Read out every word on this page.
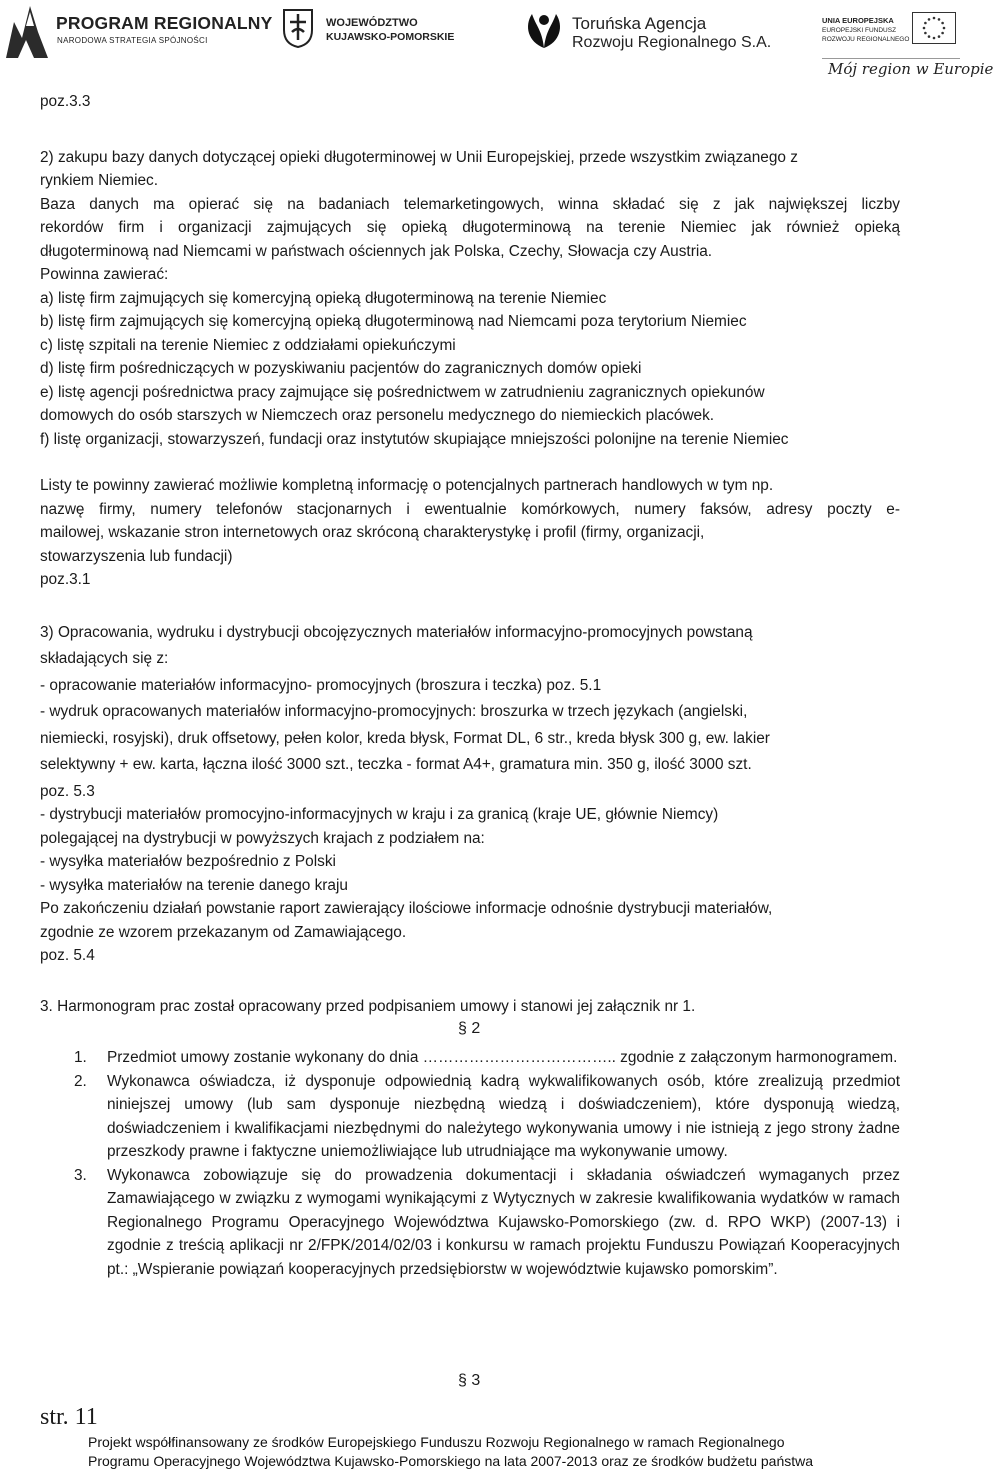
PROGRAM REGIONALNY
NARODOWA STRATEGIA SPÓJNOŚCI
WOJEWÓDZTWO
KUJAWSKO-POMORSKIE
Toruńska Agencja
Rozwoju Regionalnego S.A.
UNIA EUROPEJSKA
EUROPEJSKI FUNDUSZ
ROZWOJU REGIONALNEGO
Mój region w Europie
poz.3.3
2) zakupu bazy danych dotyczącej opieki długoterminowej w Unii Europejskiej, przede wszystkim związanego z
rynkiem Niemiec.
Baza danych ma opierać się na badaniach telemarketingowych, winna składać się z jak największej liczby
rekordów firm i organizacji zajmujących się opieką długoterminową na terenie Niemiec jak również opieką
długoterminową nad Niemcami w państwach ościennych jak Polska, Czechy, Słowacja czy Austria.
Powinna zawierać:
a) listę firm zajmujących się komercyjną opieką długoterminową na terenie Niemiec
b) listę firm zajmujących się komercyjną opieką długoterminową nad Niemcami poza terytorium Niemiec
c) listę szpitali na terenie Niemiec z oddziałami opiekuńczymi
d) listę firm pośredniczących w pozyskiwaniu pacjentów do zagranicznych domów opieki
e) listę agencji pośrednictwa pracy zajmujące się pośrednictwem w zatrudnieniu zagranicznych opiekunów
domowych do osób starszych w Niemczech oraz personelu medycznego do niemieckich placówek.
f) listę organizacji, stowarzyszeń, fundacji oraz instytutów skupiające mniejszości polonijne na terenie Niemiec
Listy te powinny zawierać możliwie kompletną informację o potencjalnych partnerach handlowych w tym np.
nazwę firmy, numery telefonów stacjonarnych i ewentualnie komórkowych, numery faksów, adresy poczty e-
mailowej, wskazanie stron internetowych oraz skróconą charakterystykę i profil (firmy, organizacji,
stowarzyszenia lub fundacji)
poz.3.1
3) Opracowania, wydruku i dystrybucji obcojęzycznych materiałów informacyjno-promocyjnych powstaną
składających się z:
- opracowanie materiałów informacyjno- promocyjnych (broszura i teczka) poz. 5.1
- wydruk opracowanych materiałów informacyjno-promocyjnych: broszurka w trzech językach (angielski,
niemiecki, rosyjski), druk offsetowy, pełen kolor, kreda błysk, Format DL, 6 str., kreda błysk 300 g, ew. lakier
selektywny + ew. karta, łączna ilość 3000 szt., teczka - format A4+, gramatura min. 350 g, ilość 3000 szt.
poz. 5.3
- dystrybucji materiałów promocyjno-informacyjnych w kraju i za granicą (kraje UE, głównie Niemcy)
polegającej na dystrybucji w powyższych krajach z podziałem na:
- wysyłka materiałów bezpośrednio z Polski
- wysyłka materiałów na terenie danego kraju
Po zakończeniu działań powstanie raport zawierający ilościowe informacje odnośnie dystrybucji materiałów,
zgodnie ze wzorem przekazanym od Zamawiającego.
poz. 5.4
3. Harmonogram prac został opracowany przed podpisaniem umowy i stanowi jej załącznik nr 1.
§ 2
1. Przedmiot umowy zostanie wykonany do dnia ……………………………….. zgodnie z załączonym harmonogramem.

2. Wykonawca oświadcza, iż dysponuje odpowiednią kadrą wykwalifikowanych osób, które zrealizują przedmiot niniejszej umowy (lub sam dysponuje niezbędną wiedzą i doświadczeniem), które dysponują wiedzą, doświadczeniem i kwalifikacjami niezbędnymi do należytego wykonywania umowy i nie istnieją z jego strony żadne przeszkody prawne i faktyczne uniemożliwiające lub utrudniające ma wykonywanie umowy.

3. Wykonawca zobowiązuje się do prowadzenia dokumentacji i składania oświadczeń wymaganych przez Zamawiającego w związku z wymogami wynikającymi z Wytycznych w zakresie kwalifikowania wydatków w ramach Regionalnego Programu Operacyjnego Województwa Kujawsko-Pomorskiego (zw. d. RPO WKP) (2007-13) i zgodnie z treścią aplikacji nr 2/FPK/2014/02/03 i konkursu w ramach projektu Funduszu Powiązań Kooperacyjnych pt.: „Wspieranie powiązań kooperacyjnych przedsiębiorstw w województwie kujawsko pomorskim”.

§ 3
str. 11
Projekt współfinansowany ze środków Europejskiego Funduszu Rozwoju Regionalnego w ramach Regionalnego
Programu Operacyjnego Województwa Kujawsko-Pomorskiego na lata 2007-2013 oraz ze środków budżetu państwa
